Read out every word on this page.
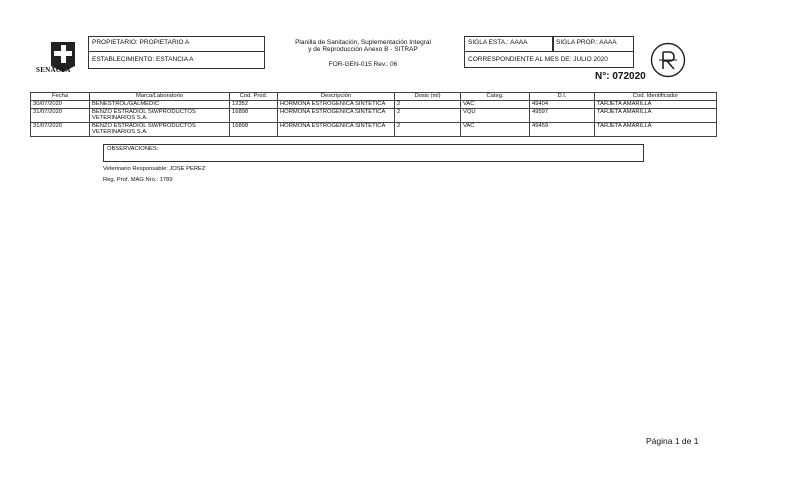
SENACSA
PROPIETARIO: PROPIETARIO A
ESTABLECIMIENTO: ESTANCIA A
Planilla de Sanitación, Suplementación Integral
y de Reproducción Anexo B - SITRAP
FOR-GEN-015 Rev.: 06
SIGLA ESTA.: AAAA	SIGLA PROP.: AAAA
CORRESPONDIENTE AL MES DE: JULIO 2020
N°: 072020
Fecha	Marca/Laboratorio	Cod. Prod.	Descripción	Dosis (ml)	Categ.	D.I.	Cod. Identificador
30/07/2020	BENESTROL/GALMEDIC	12352	HORMONA ESTROGENICA SINTETICA	2	VAC	49404	TARJETA AMARILLA
31/07/2020	BENZO ESTRADIOL SW/PRODUCTOS VETERINARIOS S.A.	16898	HORMONA ESTROGENICA SINTETICA	2	VQU	49597	TARJETA AMARILLA
31/07/2020	BENZO ESTRADIOL SW/PRODUCTOS VETERINARIOS S.A.	16898	HORMONA ESTROGENICA SINTETICA	2	VAC	49459	TARJETA AMARILLA
OBSERVACIONES:
Veterinario Responsable: JOSE PEREZ
Reg. Prof. MAG Nro.: 1789
Página 1 de 1
